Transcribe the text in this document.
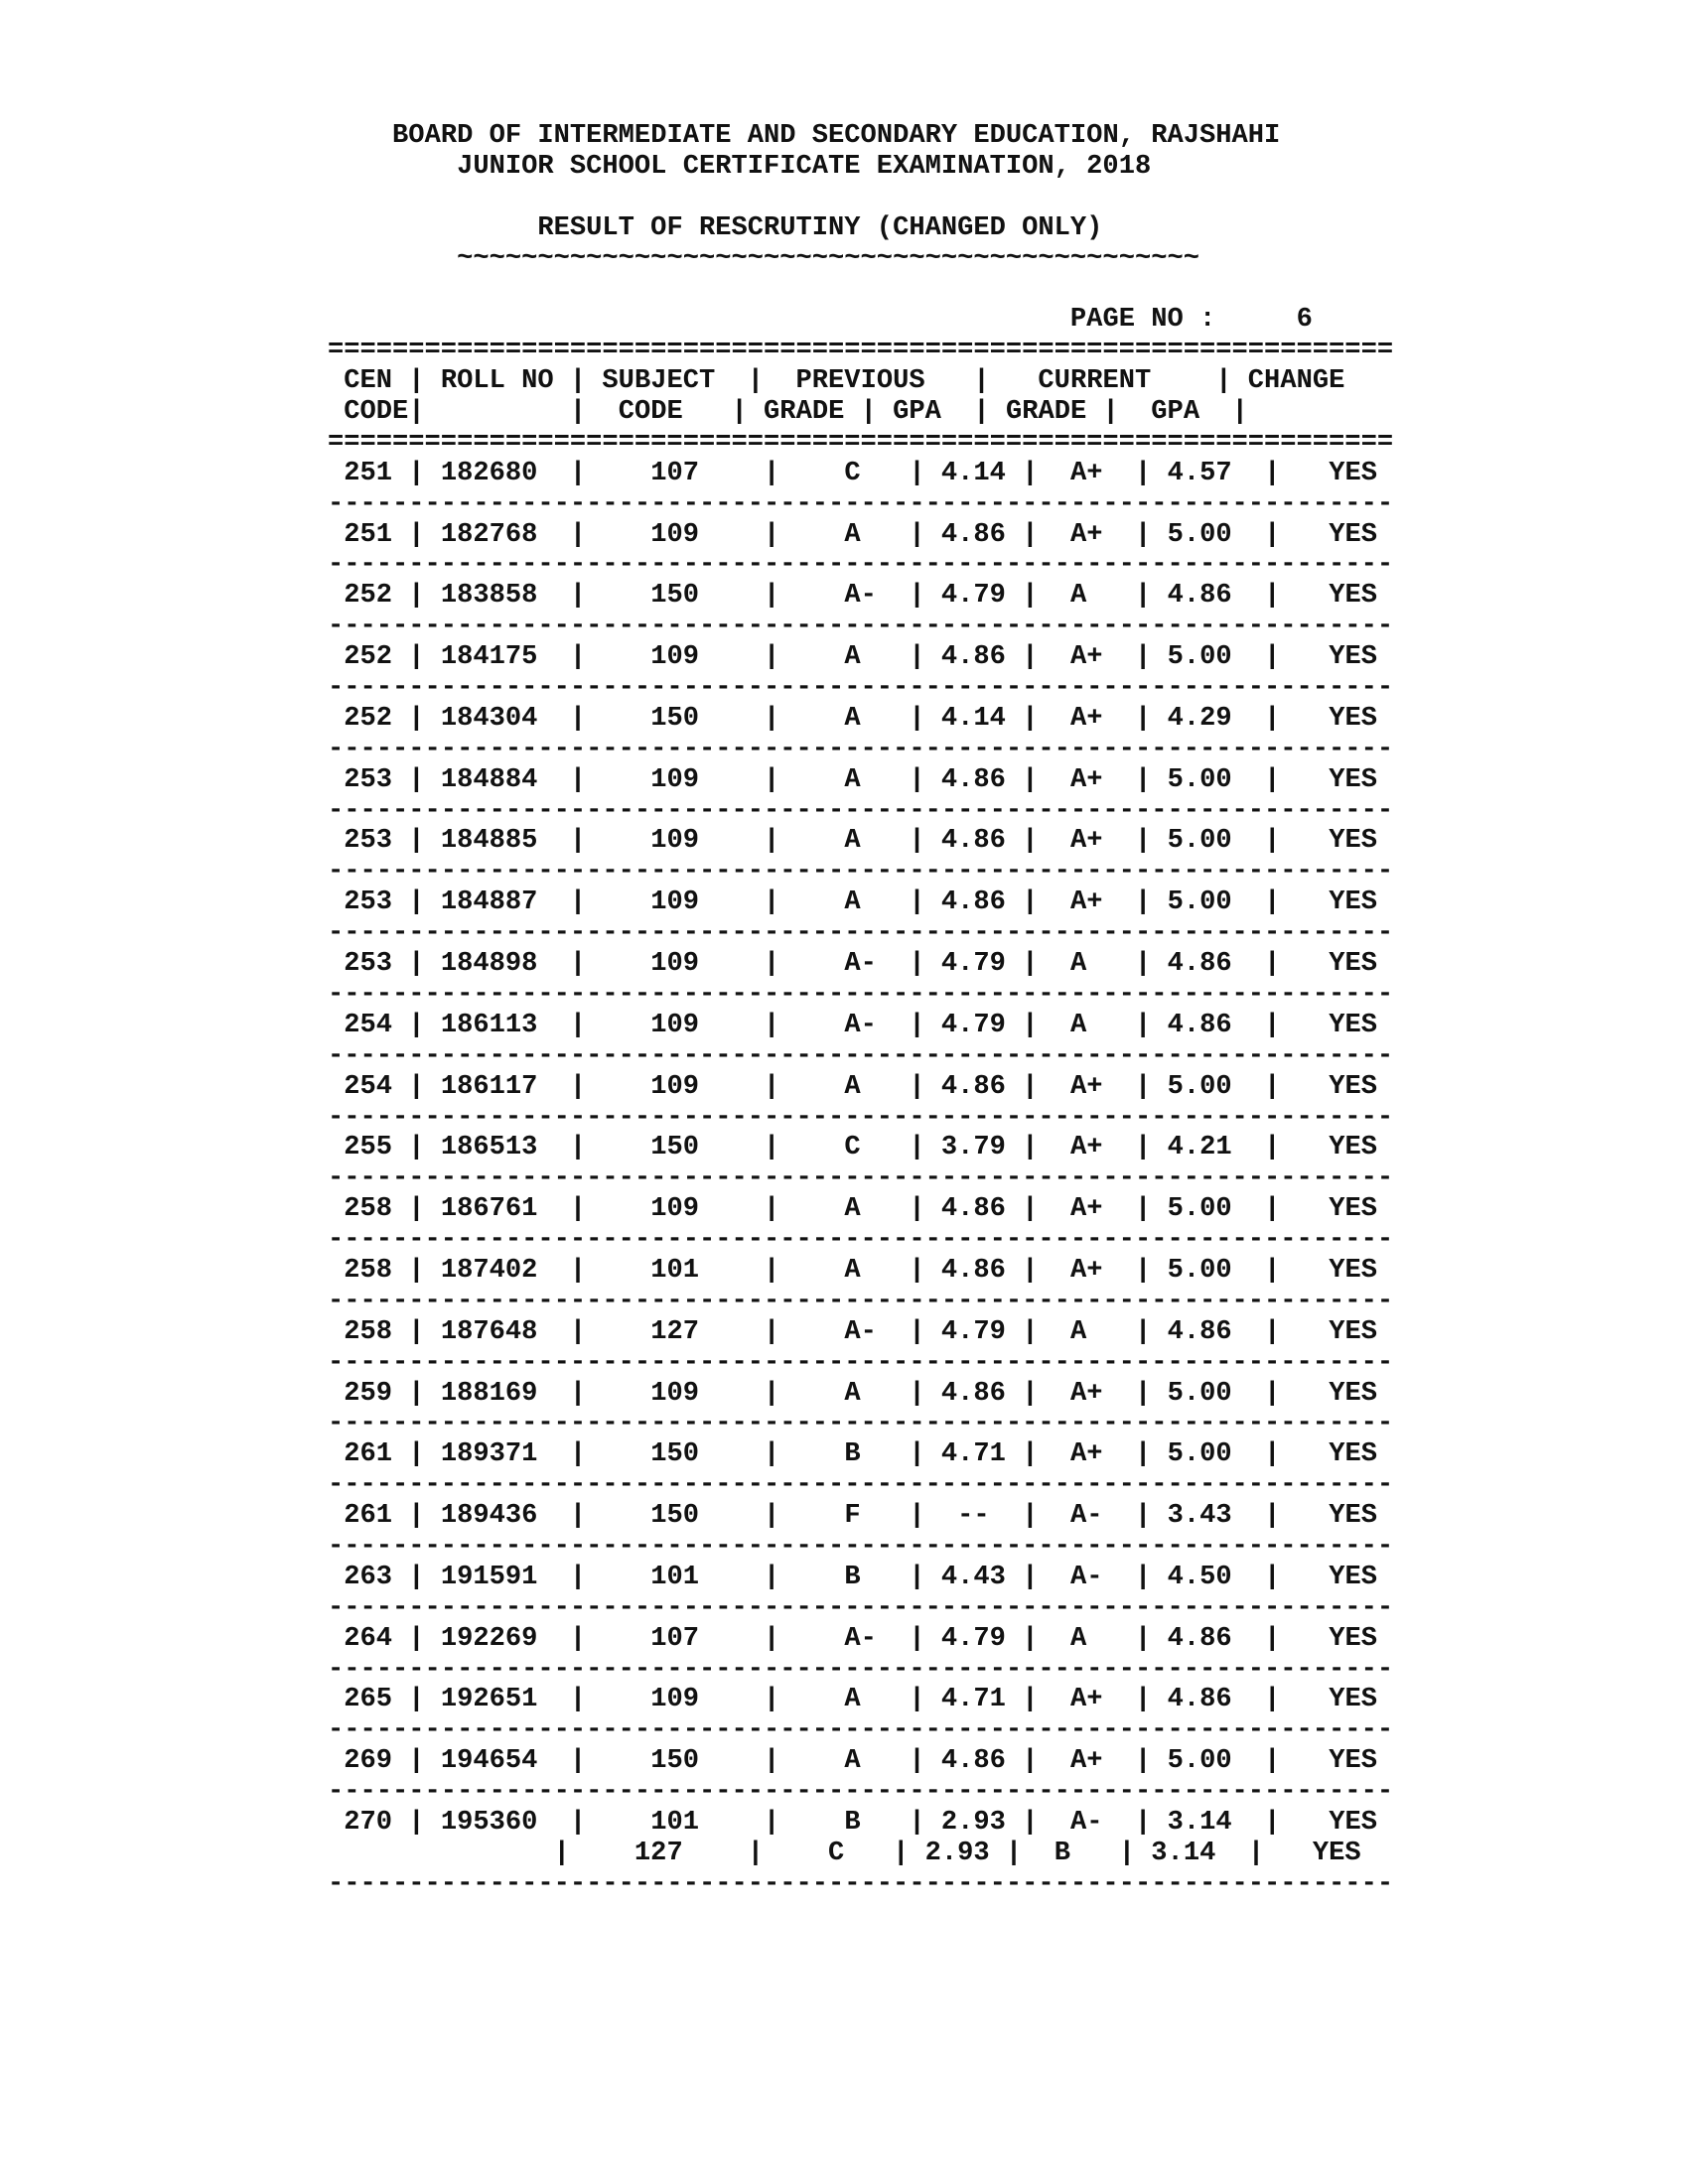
BOARD OF INTERMEDIATE AND SECONDARY EDUCATION, RAJSHAHI
JUNIOR SCHOOL CERTIFICATE EXAMINATION, 2018
RESULT OF RESCRUTINY (CHANGED ONLY)
~~~~~~~~~~~~~~~~~~~~~~~~~~~~~~~~~~~~~~~~~~~~~~
PAGE NO :	6
==================================================================
CEN | ROLL NO | SUBJECT  |  PREVIOUS   |   CURRENT    | CHANGE
CODE|	|  CODE   | GRADE | GPA  | GRADE |  GPA  |
==================================================================
251 | 182680  |    107    |    C   | 4.14 |  A+  | 4.57  |   YES
------------------------------------------------------------------
251 | 182768  |    109    |    A   | 4.86 |  A+  | 5.00  |   YES
------------------------------------------------------------------
252 | 183858  |    150    |    A-  | 4.79 |  A   | 4.86  |   YES
------------------------------------------------------------------
252 | 184175  |    109    |    A   | 4.86 |  A+  | 5.00  |   YES
------------------------------------------------------------------
252 | 184304  |    150    |    A   | 4.14 |  A+  | 4.29  |   YES
------------------------------------------------------------------
253 | 184884  |    109    |    A   | 4.86 |  A+  | 5.00  |   YES
------------------------------------------------------------------
253 | 184885  |    109    |    A   | 4.86 |  A+  | 5.00  |   YES
------------------------------------------------------------------
253 | 184887  |    109    |    A   | 4.86 |  A+  | 5.00  |   YES
------------------------------------------------------------------
253 | 184898  |    109    |    A-  | 4.79 |  A   | 4.86  |   YES
------------------------------------------------------------------
254 | 186113  |    109    |    A-  | 4.79 |  A   | 4.86  |   YES
------------------------------------------------------------------
254 | 186117  |    109    |    A   | 4.86 |  A+  | 5.00  |   YES
------------------------------------------------------------------
255 | 186513  |    150    |    C   | 3.79 |  A+  | 4.21  |   YES
------------------------------------------------------------------
258 | 186761  |    109    |    A   | 4.86 |  A+  | 5.00  |   YES
------------------------------------------------------------------
258 | 187402  |    101    |    A   | 4.86 |  A+  | 5.00  |   YES
------------------------------------------------------------------
258 | 187648  |    127    |    A-  | 4.79 |  A   | 4.86  |   YES
------------------------------------------------------------------
259 | 188169  |    109    |    A   | 4.86 |  A+  | 5.00  |   YES
------------------------------------------------------------------
261 | 189371  |    150    |    B   | 4.71 |  A+  | 5.00  |   YES
------------------------------------------------------------------
261 | 189436  |    150    |    F   |  --  |  A-  | 3.43  |   YES
------------------------------------------------------------------
263 | 191591  |    101    |    B   | 4.43 |  A-  | 4.50  |   YES
------------------------------------------------------------------
264 | 192269  |    107    |    A-  | 4.79 |  A   | 4.86  |   YES
------------------------------------------------------------------
265 | 192651  |    109    |    A   | 4.71 |  A+  | 4.86  |   YES
------------------------------------------------------------------
269 | 194654  |    150    |    A   | 4.86 |  A+  | 5.00  |   YES
------------------------------------------------------------------
270 | 195360  |    101    |    B   | 2.93 |  A-  | 3.14  |   YES
|    127    |    C   | 2.93 |  B   | 3.14  |   YES
------------------------------------------------------------------
